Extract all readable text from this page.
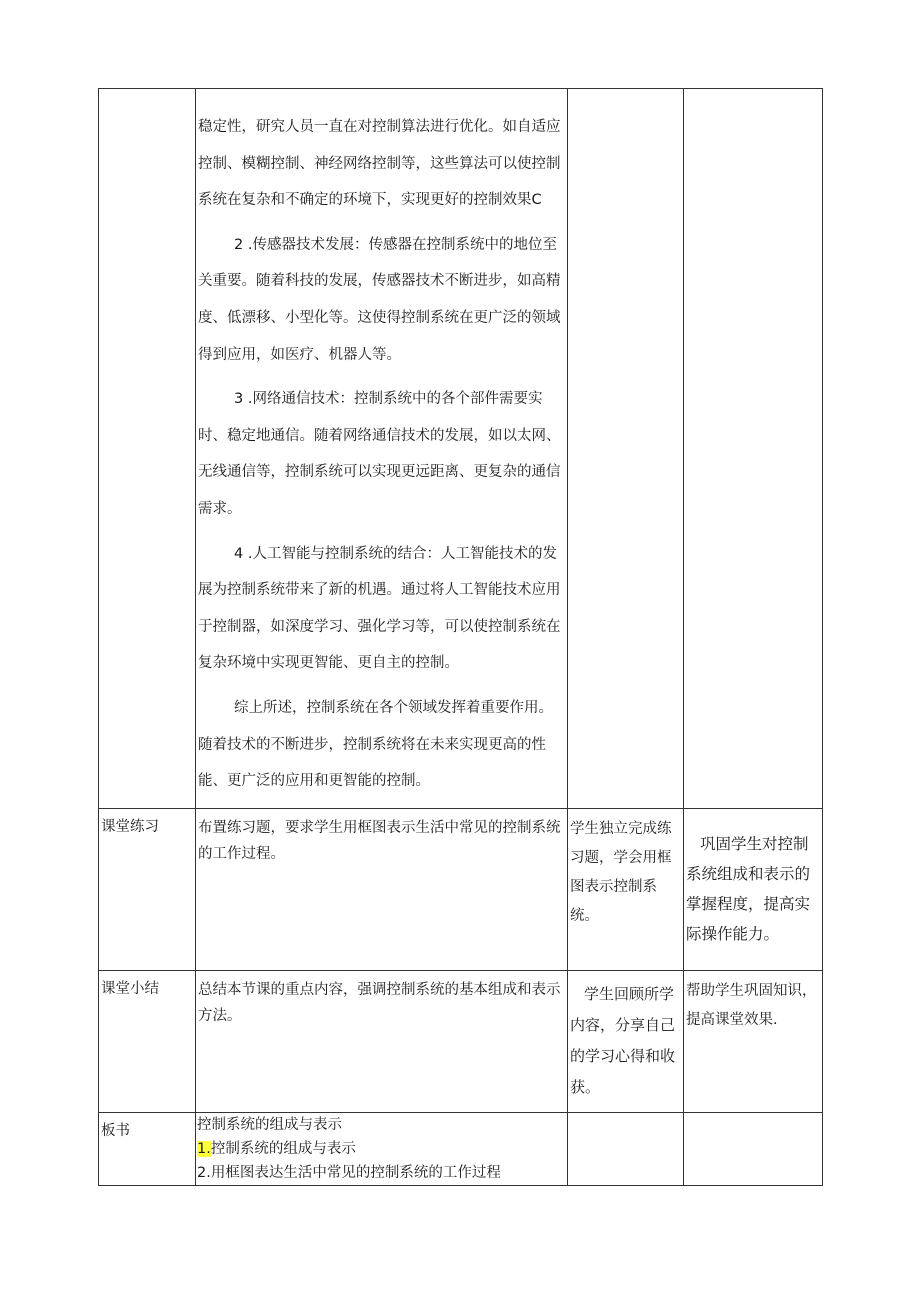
	稳定性，研究人员一直在对控制算法进行优化。如自适应控制、模糊控制、神经网络控制等，这些算法可以使控制系统在复杂和不确定的环境下，实现更好的控制效果C

2 .传感器技术发展：传感器在控制系统中的地位至关重要。随着科技的发展，传感器技术不断进步，如高精度、低漂移、小型化等。这使得控制系统在更广泛的领域得到应用，如医疗、机器人等。

3 .网络通信技术：控制系统中的各个部件需要实时、稳定地通信。随着网络通信技术的发展，如以太网、无线通信等，控制系统可以实现更远距离、更复杂的通信需求。

4 .人工智能与控制系统的结合：人工智能技术的发展为控制系统带来了新的机遇。通过将人工智能技术应用于控制器，如深度学习、强化学习等，可以使控制系统在复杂环境中实现更智能、更自主的控制。

综上所述，控制系统在各个领域发挥着重要作用。随着技术的不断进步，控制系统将在未来实现更高的性能、更广泛的应用和更智能的控制。		

课堂练习	布置练习题，要求学生用框图表示生活中常见的控制系统的工作过程。	学生独立完成练习题，学会用框图表示控制系统。	巩固学生对控制系统组成和表示的掌握程度，提高实际操作能力。

课堂小结	总结本节课的重点内容，强调控制系统的基本组成和表示方法。	学生回顾所学内容，分享自己的学习心得和收获。	帮助学生巩固知识，提高课堂效果.

板书	控制系统的组成与表示
1.控制系统的组成与表示
2.用框图表达生活中常见的控制系统的工作过程		
